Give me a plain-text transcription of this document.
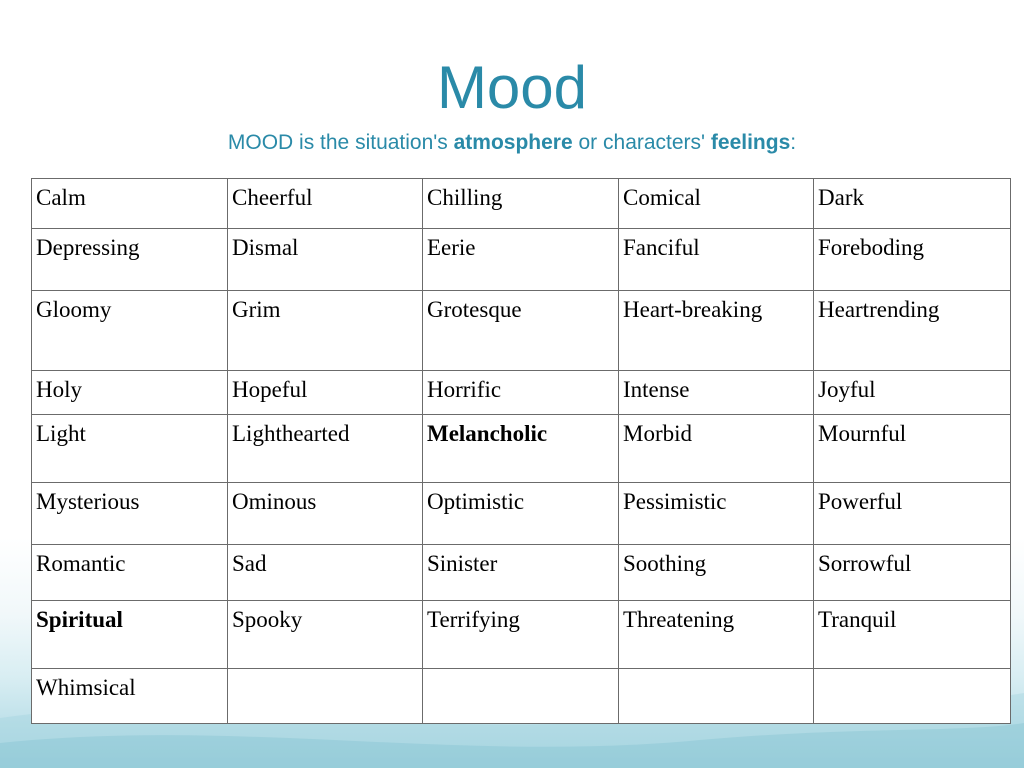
Mood
MOOD is the situation's atmosphere or characters' feelings:
Calm	Cheerful	Chilling	Comical	Dark
Depressing	Dismal	Eerie	Fanciful	Foreboding
Gloomy	Grim	Grotesque	Heart-breaking	Heartrending
Holy	Hopeful	Horrific	Intense	Joyful
Light	Lighthearted	Melancholic	Morbid	Mournful
Mysterious	Ominous	Optimistic	Pessimistic	Powerful
Romantic	Sad	Sinister	Soothing	Sorrowful
Spiritual	Spooky	Terrifying	Threatening	Tranquil
Whimsical				
